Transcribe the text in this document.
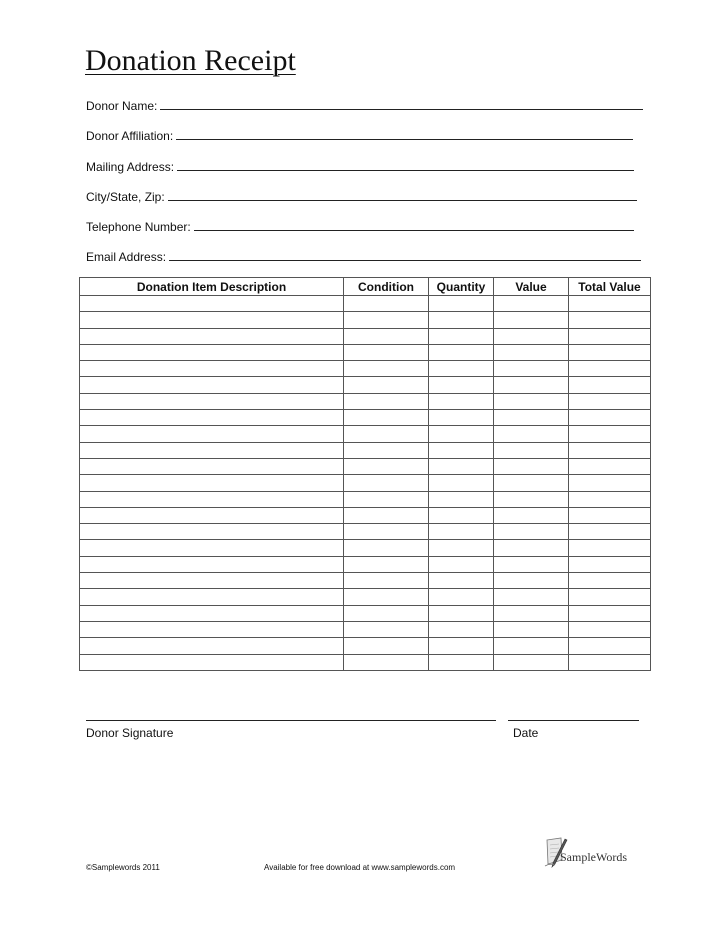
Donation Receipt
Donor Name:
Donor Affiliation:
Mailing Address:
City/State, Zip:
Telephone Number:
Email Address:
Donation Item Description	Condition	Quantity	Value	Total Value

Donor Signature	Date
©Samplewords 2011	Available for free download at www.samplewords.com
SampleWords
